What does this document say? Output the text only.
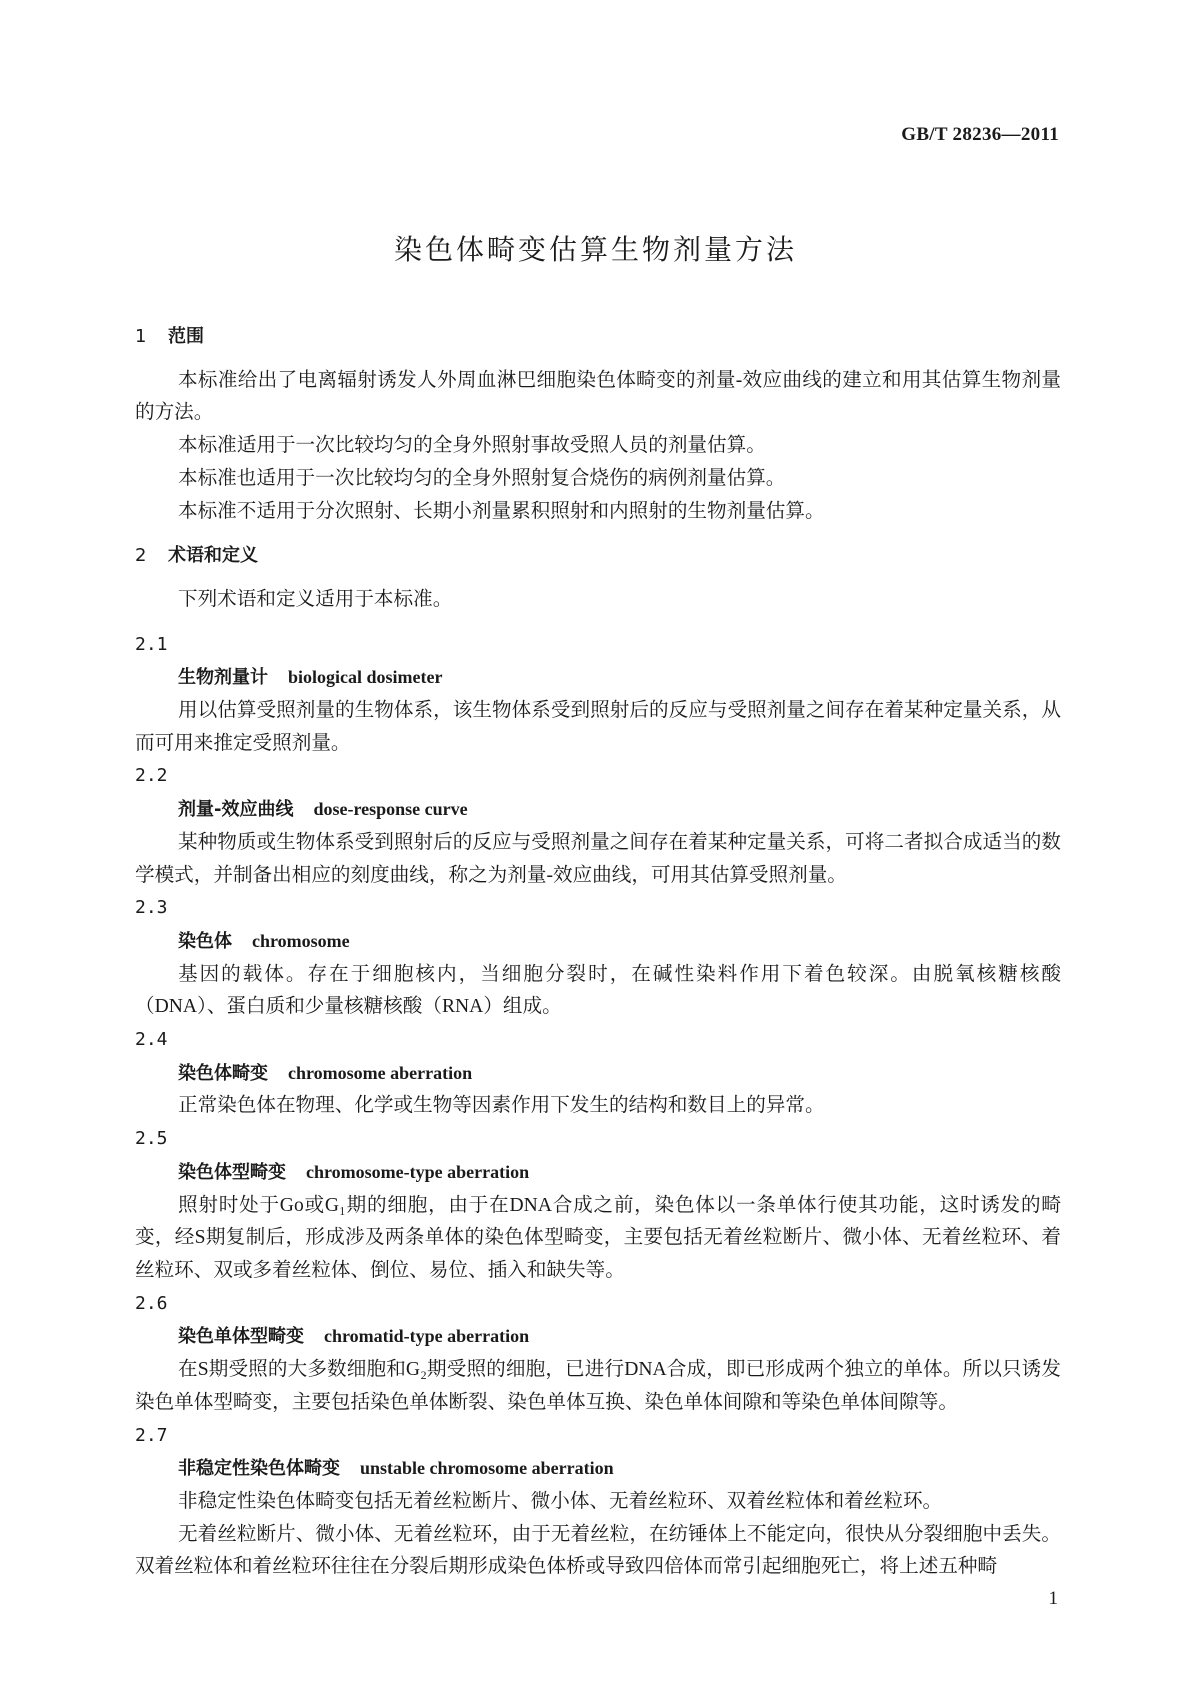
GB/T 28236—2011
染色体畸变估算生物剂量方法
1 范围

本标准给出了电离辐射诱发人外周血淋巴细胞染色体畸变的剂量-效应曲线的建立和用其估算生物剂量的方法。

本标准适用于一次比较均匀的全身外照射事故受照人员的剂量估算。

本标准也适用于一次比较均匀的全身外照射复合烧伤的病例剂量估算。

本标准不适用于分次照射、长期小剂量累积照射和内照射的生物剂量估算。

2 术语和定义

下列术语和定义适用于本标准。

2.1

生物剂量计 biological dosimeter

用以估算受照剂量的生物体系，该生物体系受到照射后的反应与受照剂量之间存在着某种定量关系，从而可用来推定受照剂量。

2.2

剂量-效应曲线 dose-response curve

某种物质或生物体系受到照射后的反应与受照剂量之间存在着某种定量关系，可将二者拟合成适当的数学模式，并制备出相应的刻度曲线，称之为剂量-效应曲线，可用其估算受照剂量。

2.3

染色体 chromosome

基因的载体。存在于细胞核内，当细胞分裂时，在碱性染料作用下着色较深。由脱氧核糖核酸（DNA）、蛋白质和少量核糖核酸（RNA）组成。

2.4

染色体畸变 chromosome aberration

正常染色体在物理、化学或生物等因素作用下发生的结构和数目上的异常。

2.5

染色体型畸变 chromosome-type aberration

照射时处于Go或G₁期的细胞，由于在DNA合成之前，染色体以一条单体行使其功能，这时诱发的畸变，经S期复制后，形成涉及两条单体的染色体型畸变，主要包括无着丝粒断片、微小体、无着丝粒环、着丝粒环、双或多着丝粒体、倒位、易位、插入和缺失等。

2.6

染色单体型畸变 chromatid-type aberration

在S期受照的大多数细胞和G₂期受照的细胞，已进行DNA合成，即已形成两个独立的单体。所以只诱发染色单体型畸变，主要包括染色单体断裂、染色单体互换、染色单体间隙和等染色单体间隙等。

2.7

非稳定性染色体畸变 unstable chromosome aberration

非稳定性染色体畸变包括无着丝粒断片、微小体、无着丝粒环、双着丝粒体和着丝粒环。

无着丝粒断片、微小体、无着丝粒环，由于无着丝粒，在纺锤体上不能定向，很快从分裂细胞中丢失。双着丝粒体和着丝粒环往往在分裂后期形成染色体桥或导致四倍体而常引起细胞死亡，将上述五种畸

1
